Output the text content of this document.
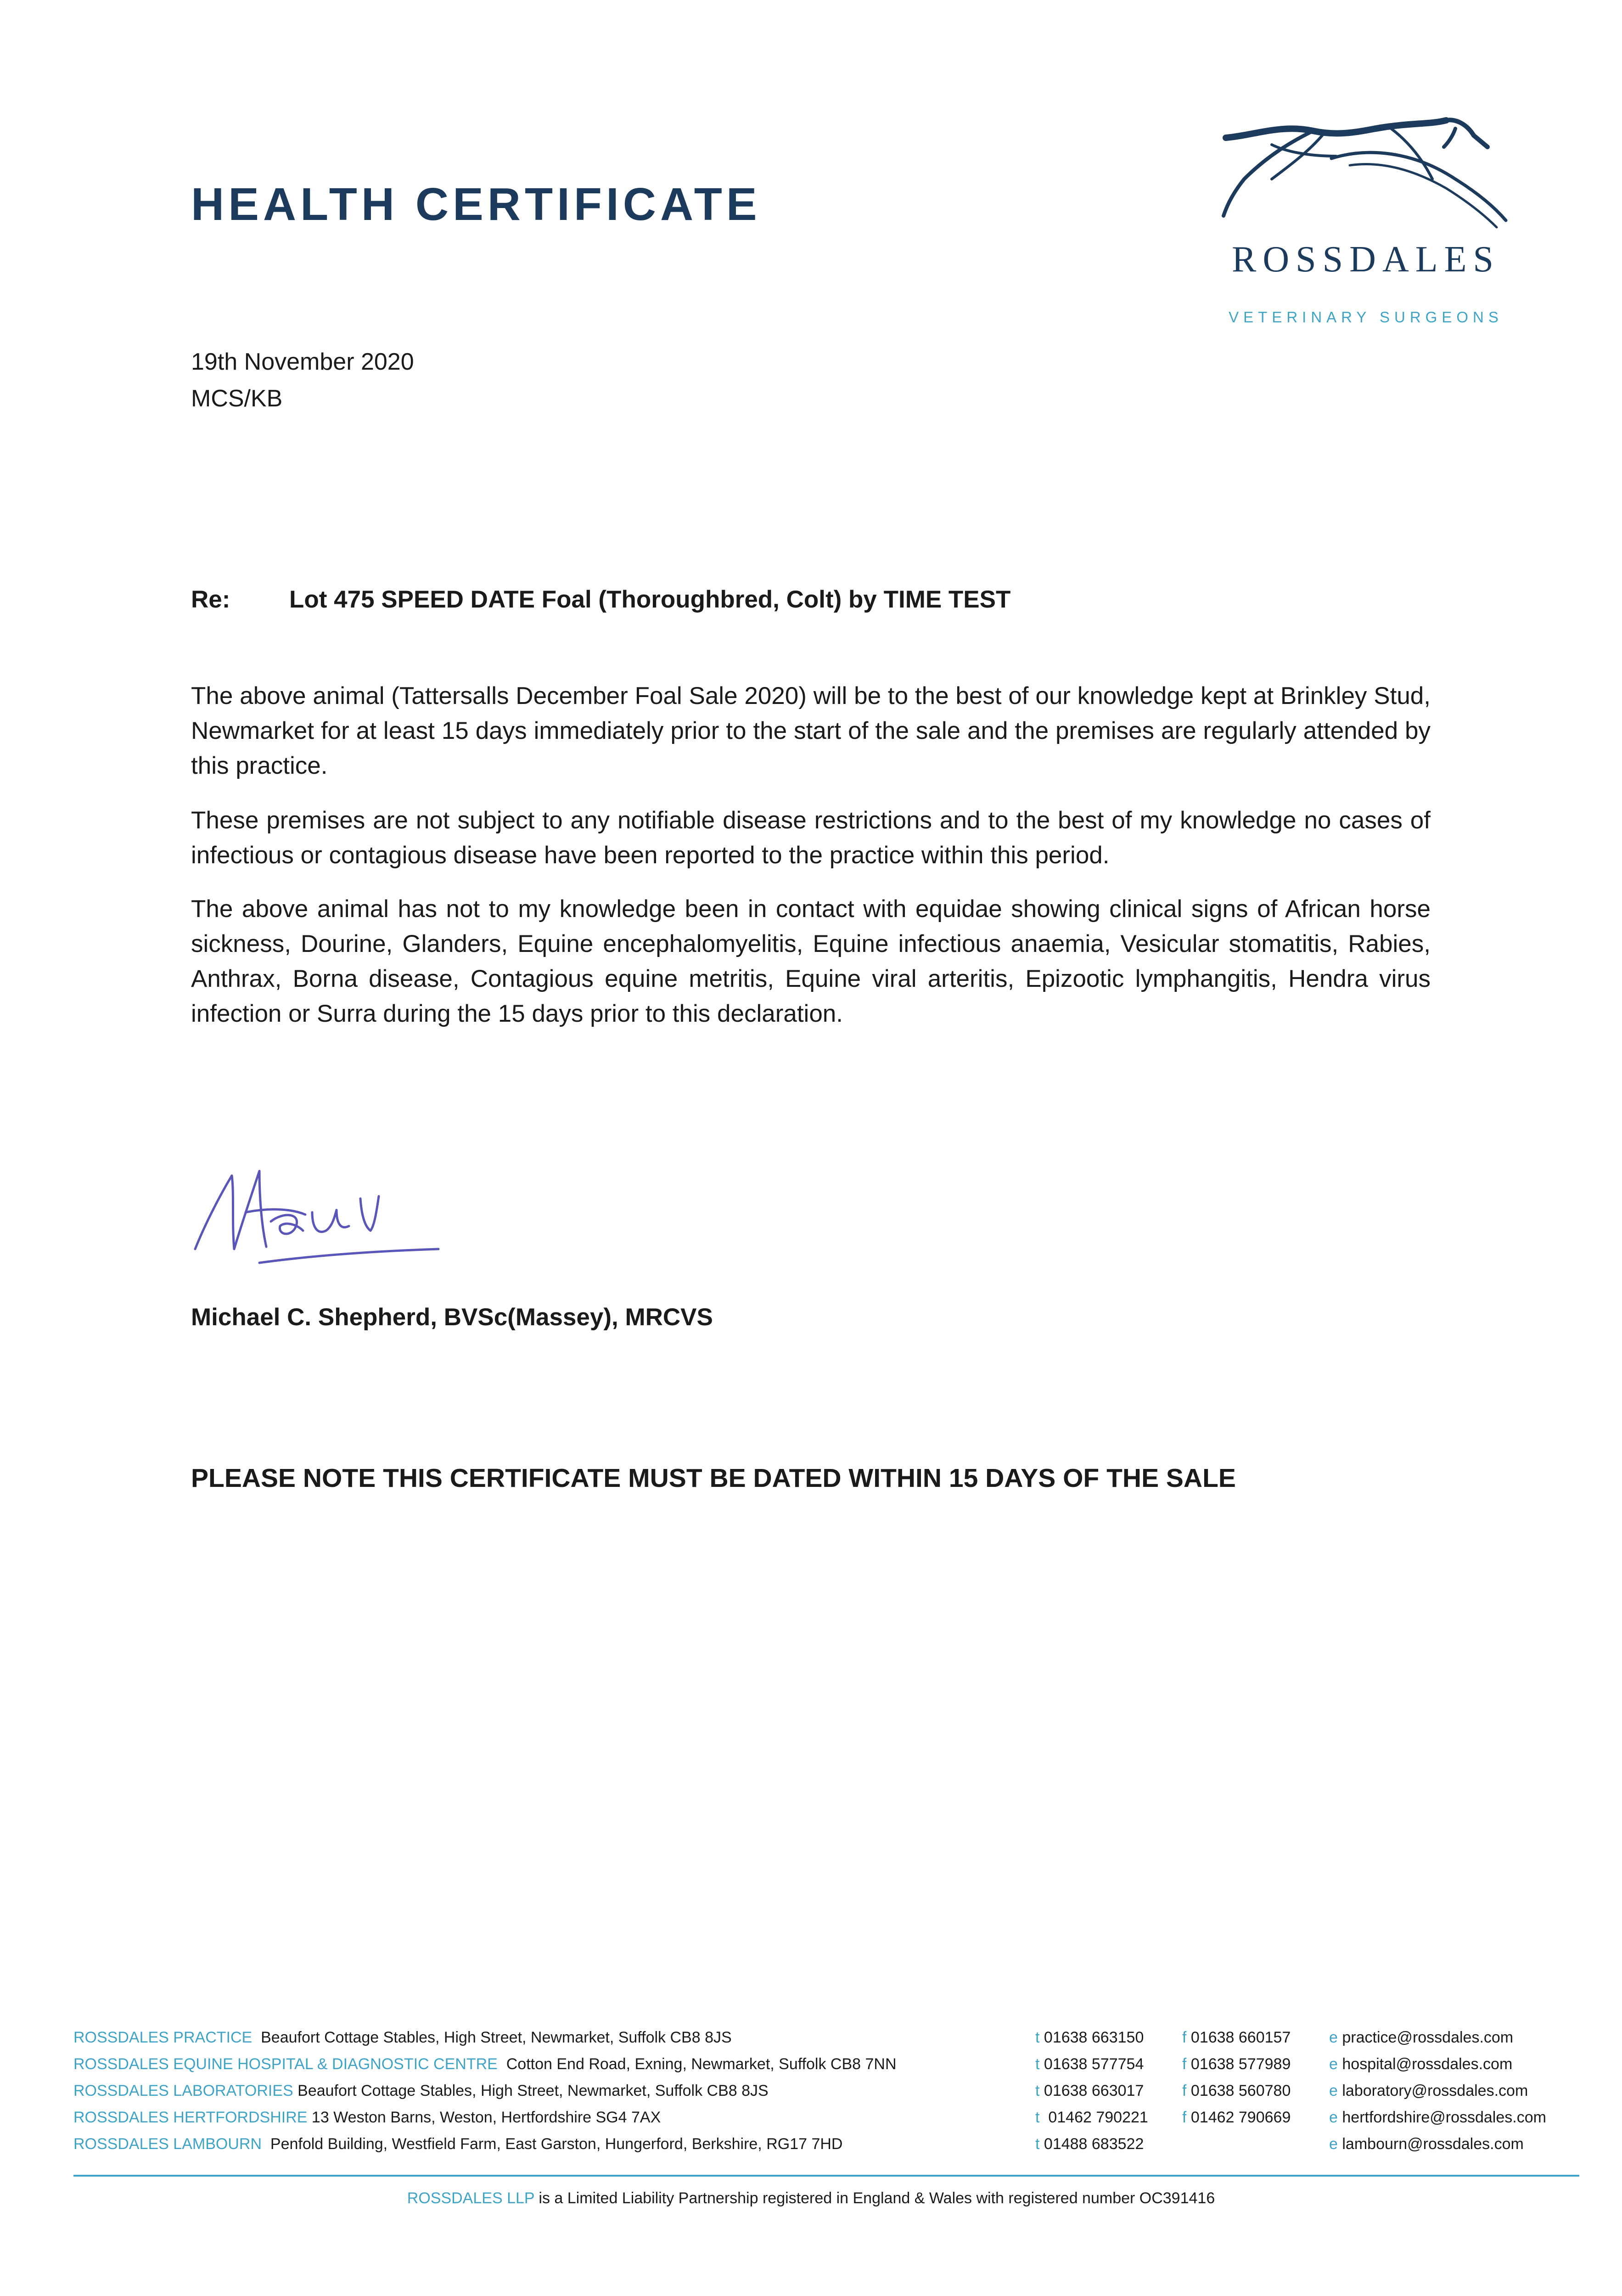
HEALTH CERTIFICATE
ROSSDALES
VETERINARY SURGEONS
19th November 2020
MCS/KB
Re: Lot 475 SPEED DATE Foal (Thoroughbred, Colt) by TIME TEST
The above animal (Tattersalls December Foal Sale 2020) will be to the best of our knowledge kept at Brinkley Stud, Newmarket for at least 15 days immediately prior to the start of the sale and the premises are regularly attended by this practice.
These premises are not subject to any notifiable disease restrictions and to the best of my knowledge no cases of infectious or contagious disease have been reported to the practice within this period.
The above animal has not to my knowledge been in contact with equidae showing clinical signs of African horse sickness, Dourine, Glanders, Equine encephalomyelitis, Equine infectious anaemia, Vesicular stomatitis, Rabies, Anthrax, Borna disease, Contagious equine metritis, Equine viral arteritis, Epizootic lymphangitis, Hendra virus infection or Surra during the 15 days prior to this declaration.
Michael C. Shepherd, BVSc(Massey), MRCVS
PLEASE NOTE THIS CERTIFICATE MUST BE DATED WITHIN 15 DAYS OF THE SALE
ROSSDALES PRACTICE Beaufort Cottage Stables, High Street, Newmarket, Suffolk CB8 8JS	t 01638 663150 f 01638 660157 e practice@rossdales.com
ROSSDALES EQUINE HOSPITAL & DIAGNOSTIC CENTRE Cotton End Road, Exning, Newmarket, Suffolk CB8 7NN	t 01638 577754 f 01638 577989 e hospital@rossdales.com
ROSSDALES LABORATORIES Beaufort Cottage Stables, High Street, Newmarket, Suffolk CB8 8JS	t 01638 663017 f 01638 560780 e laboratory@rossdales.com
ROSSDALES HERTFORDSHIRE 13 Weston Barns, Weston, Hertfordshire SG4 7AX	t 01462 790221 f 01462 790669 e hertfordshire@rossdales.com
ROSSDALES LAMBOURN Penfold Building, Westfield Farm, East Garston, Hungerford, Berkshire, RG17 7HD	t 01488 683522	e lambourn@rossdales.com
ROSSDALES LLP is a Limited Liability Partnership registered in England & Wales with registered number OC391416
